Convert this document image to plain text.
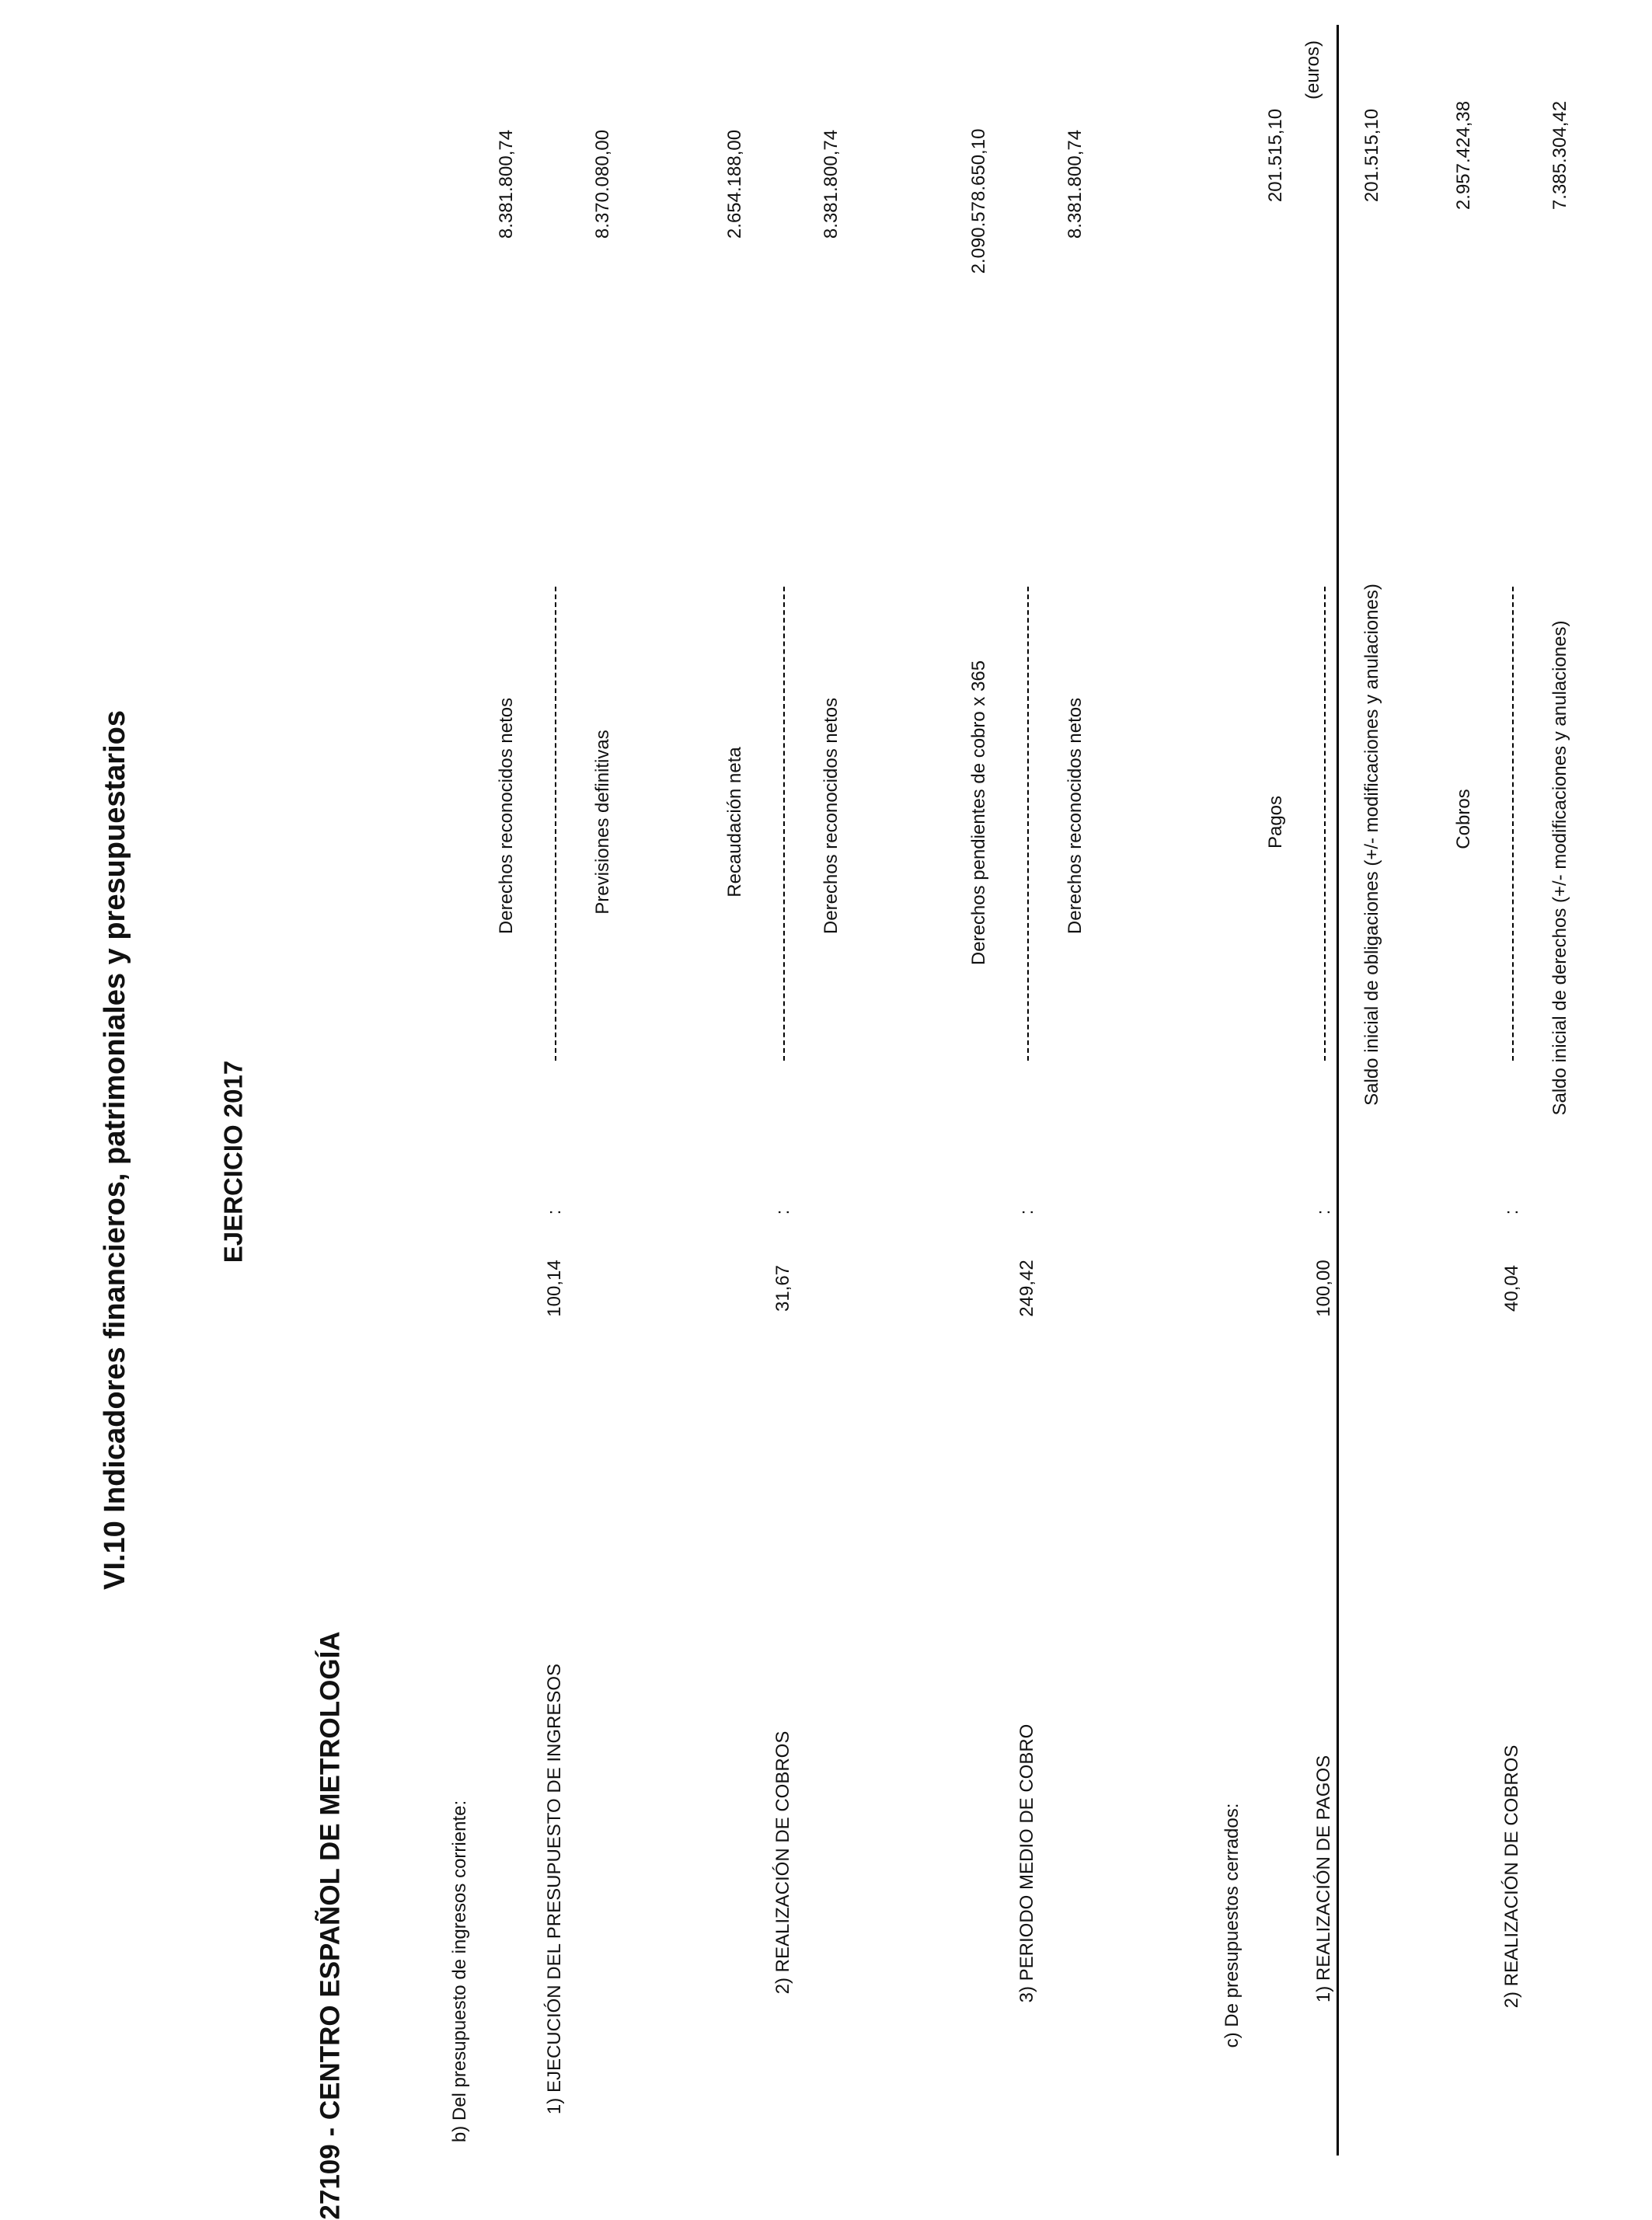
VI.10 Indicadores financieros, patrimoniales y presupuestarios	EJERCICIO 2017
27109 - CENTRO ESPAÑOL DE METROLOGÍA
(euros)
b) Del presupuesto de ingresos corriente:	1) EJECUCIÓN DEL PRESUPUESTO DE INGRESOS
100,14
:
Derechos reconocidos netos	Previsiones definitivas
8.381.800,74	8.370.080,00
2) REALIZACIÓN DE COBROS
31,67
:
Recaudación neta	Derechos reconocidos netos
2.654.188,00	8.381.800,74
3) PERIODO MEDIO DE COBRO
249,42
:
Derechos pendientes de cobro x 365	Derechos reconocidos netos
2.090.578.650,10	8.381.800,74
c) De presupuestos cerrados:	1) REALIZACIÓN DE PAGOS
100,00
:
Pagos	Saldo inicial de obligaciones (+/- modificaciones y anulaciones)
201.515,10	201.515,10
2) REALIZACIÓN DE COBROS
40,04
:
Cobros	Saldo inicial de derechos (+/- modificaciones y anulaciones)
2.957.424,38	7.385.304,42
